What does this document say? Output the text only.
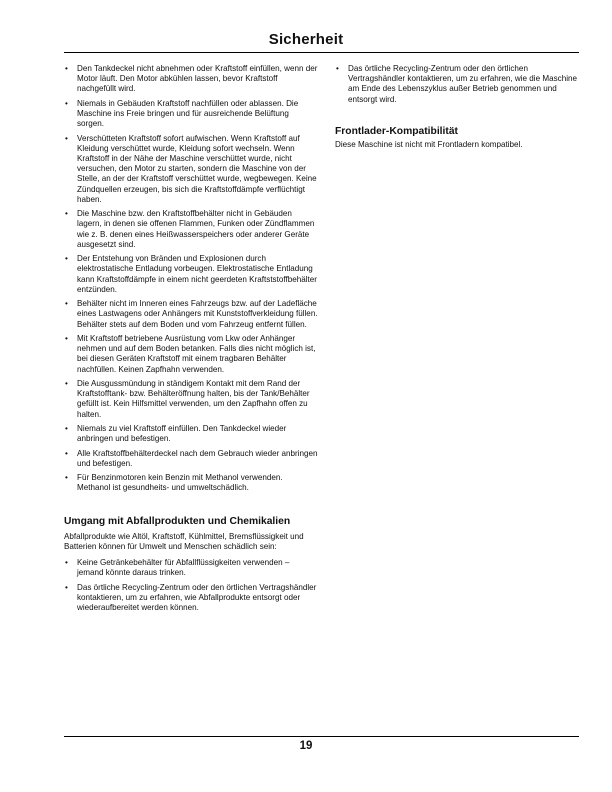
Sicherheit
• Den Tankdeckel nicht abnehmen oder Kraftstoff einfüllen, wenn der Motor läuft. Den Motor abkühlen lassen, bevor Kraftstoff nachgefüllt wird.
• Niemals in Gebäuden Kraftstoff nachfüllen oder ablassen. Die Maschine ins Freie bringen und für ausreichende Belüftung sorgen.
• Verschütteten Kraftstoff sofort aufwischen. Wenn Kraftstoff auf Kleidung verschüttet wurde, Kleidung sofort wechseln. Wenn Kraftstoff in der Nähe der Maschine verschüttet wurde, nicht versuchen, den Motor zu starten, sondern die Maschine von der Stelle, an der der Kraftstoff verschüttet wurde, wegbewegen. Keine Zündquellen erzeugen, bis sich die Kraftstoffdämpfe verflüchtigt haben.
• Die Maschine bzw. den Kraftstoffbehälter nicht in Gebäuden lagern, in denen sie offenen Flammen, Funken oder Zündflammen wie z. B. denen eines Heißwasserspeichers oder anderer Geräte ausgesetzt sind.
• Der Entstehung von Bränden und Explosionen durch elektrostatische Entladung vorbeugen. Elektrostatische Entladung kann Kraftstoffdämpfe in einem nicht geerdeten Kraftststoffbehälter entzünden.
• Behälter nicht im Inneren eines Fahrzeugs bzw. auf der Ladefläche eines Lastwagens oder Anhängers mit Kunststoffverkleidung füllen. Behälter stets auf dem Boden und vom Fahrzeug entfernt füllen.
• Mit Kraftstoff betriebene Ausrüstung vom Lkw oder Anhänger nehmen und auf dem Boden betanken. Falls dies nicht möglich ist, bei diesen Geräten Kraftstoff mit einem tragbaren Behälter nachfüllen. Keinen Zapfhahn verwenden.
• Die Ausgussmündung in ständigem Kontakt mit dem Rand der Kraftstofftank- bzw. Behälteröffnung halten, bis der Tank/Behälter gefüllt ist. Kein Hilfsmittel verwenden, um den Zapfhahn offen zu halten.
• Niemals zu viel Kraftstoff einfüllen. Den Tankdeckel wieder anbringen und befestigen.
• Alle Kraftstoffbehälterdeckel nach dem Gebrauch wieder anbringen und befestigen.
• Für Benzinmotoren kein Benzin mit Methanol verwenden. Methanol ist gesundheits- und umweltschädlich.
Umgang mit Abfallprodukten und Chemikalien

Abfallprodukte wie Altöl, Kraftstoff, Kühlmittel, Bremsflüssigkeit und Batterien können für Umwelt und Menschen schädlich sein:

• Keine Getränkebehälter für Abfallflüssigkeiten verwenden – jemand könnte daraus trinken.
• Das örtliche Recycling-Zentrum oder den örtlichen Vertragshändler kontaktieren, um zu erfahren, wie Abfallprodukte entsorgt oder wiederaufbereitet werden können.
• Das örtliche Recycling-Zentrum oder den örtlichen Vertragshändler kontaktieren, um zu erfahren, wie die Maschine am Ende des Lebenszyklus außer Betrieb genommen und entsorgt wird.
Frontlader-Kompatibilität

Diese Maschine ist nicht mit Frontladern kompatibel.

19
